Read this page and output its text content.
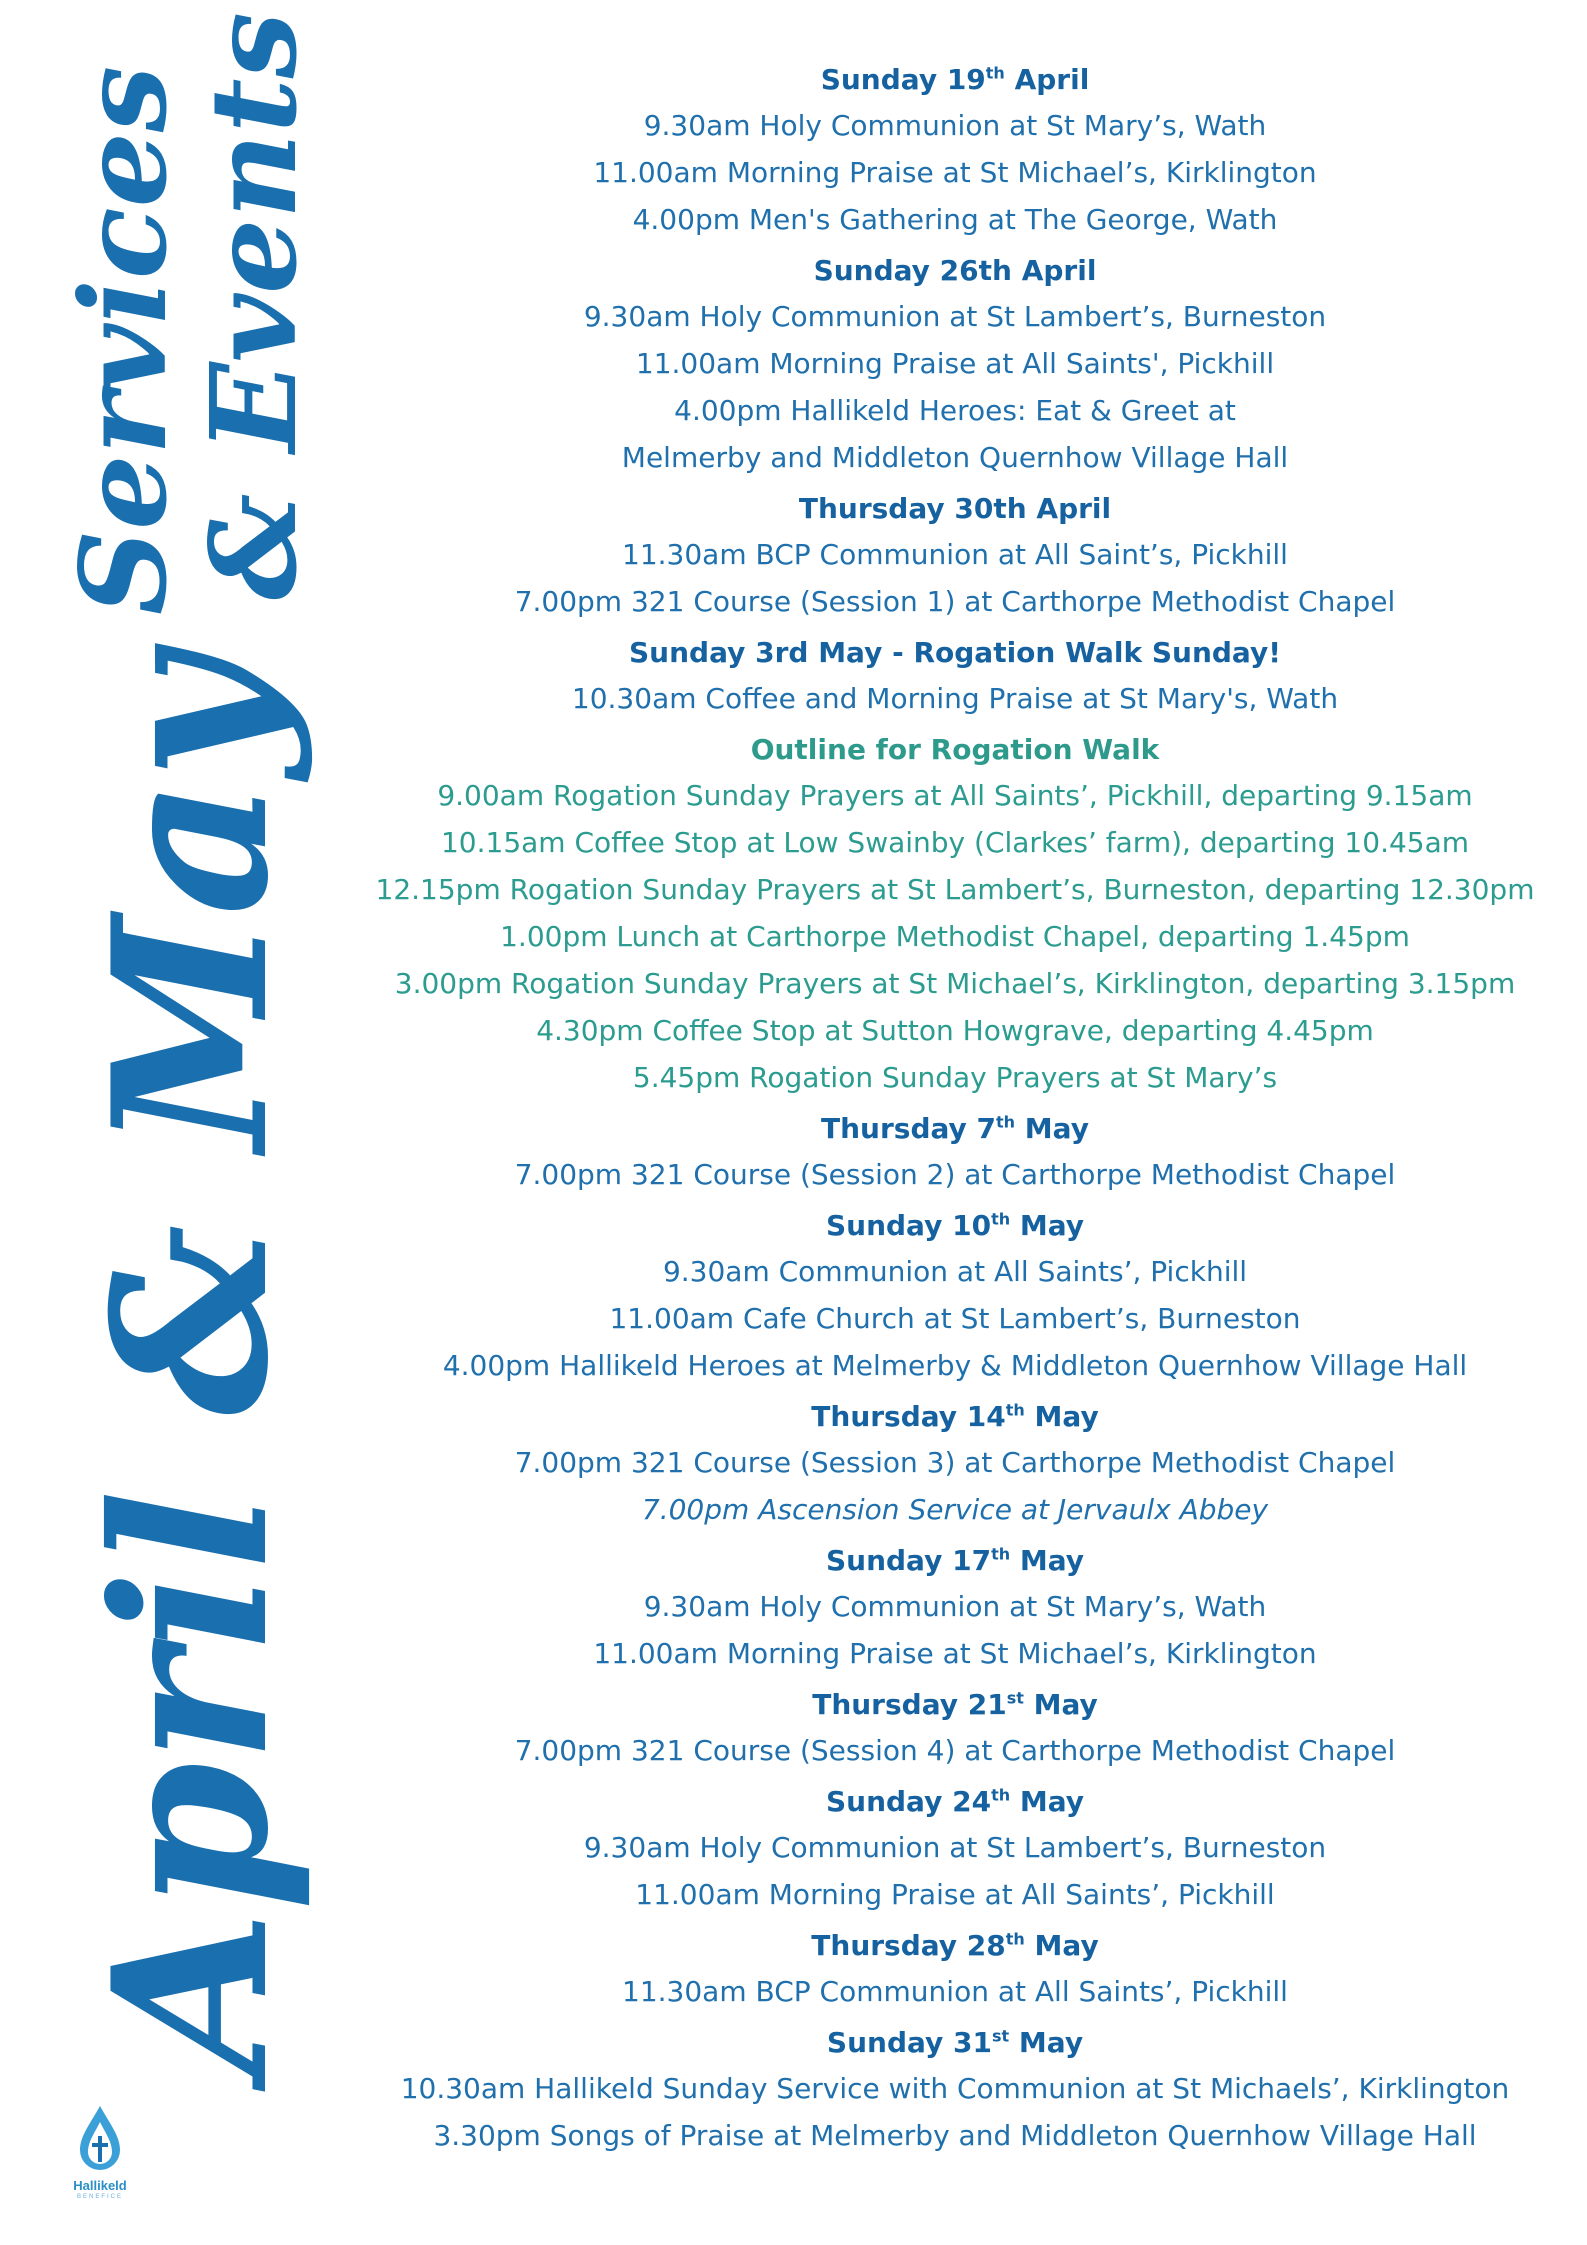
Services
& Events
April & May
Hallikeld
BENEFICE
Sunday 19th April
9.30am Holy Communion at St Mary’s, Wath
11.00am Morning Praise at St Michael’s, Kirklington
4.00pm Men's Gathering at The George, Wath
Sunday 26th April
9.30am Holy Communion at St Lambert’s, Burneston
11.00am Morning Praise at All Saints', Pickhill
4.00pm Hallikeld Heroes: Eat & Greet at
Melmerby and Middleton Quernhow Village Hall
Thursday 30th April
11.30am BCP Communion at All Saint’s, Pickhill
7.00pm 321 Course (Session 1) at Carthorpe Methodist Chapel
Sunday 3rd May - Rogation Walk Sunday!
10.30am Coffee and Morning Praise at St Mary's, Wath
Outline for Rogation Walk
9.00am Rogation Sunday Prayers at All Saints’, Pickhill, departing 9.15am
10.15am Coffee Stop at Low Swainby (Clarkes’ farm), departing 10.45am
12.15pm Rogation Sunday Prayers at St Lambert’s, Burneston, departing 12.30pm
1.00pm Lunch at Carthorpe Methodist Chapel, departing 1.45pm
3.00pm Rogation Sunday Prayers at St Michael’s, Kirklington, departing 3.15pm
4.30pm Coffee Stop at Sutton Howgrave, departing 4.45pm
5.45pm Rogation Sunday Prayers at St Mary’s
Thursday 7th May
7.00pm 321 Course (Session 2) at Carthorpe Methodist Chapel
Sunday 10th May
9.30am Communion at All Saints’, Pickhill
11.00am Cafe Church at St Lambert’s, Burneston
4.00pm Hallikeld Heroes at Melmerby & Middleton Quernhow Village Hall
Thursday 14th May
7.00pm 321 Course (Session 3) at Carthorpe Methodist Chapel
7.00pm Ascension Service at Jervaulx Abbey
Sunday 17th May
9.30am Holy Communion at St Mary’s, Wath
11.00am Morning Praise at St Michael’s, Kirklington
Thursday 21st May
7.00pm 321 Course (Session 4) at Carthorpe Methodist Chapel
Sunday 24th May
9.30am Holy Communion at St Lambert’s, Burneston
11.00am Morning Praise at All Saints’, Pickhill
Thursday 28th May
11.30am BCP Communion at All Saints’, Pickhill
Sunday 31st May
10.30am Hallikeld Sunday Service with Communion at St Michaels’, Kirklington
3.30pm Songs of Praise at Melmerby and Middleton Quernhow Village Hall
